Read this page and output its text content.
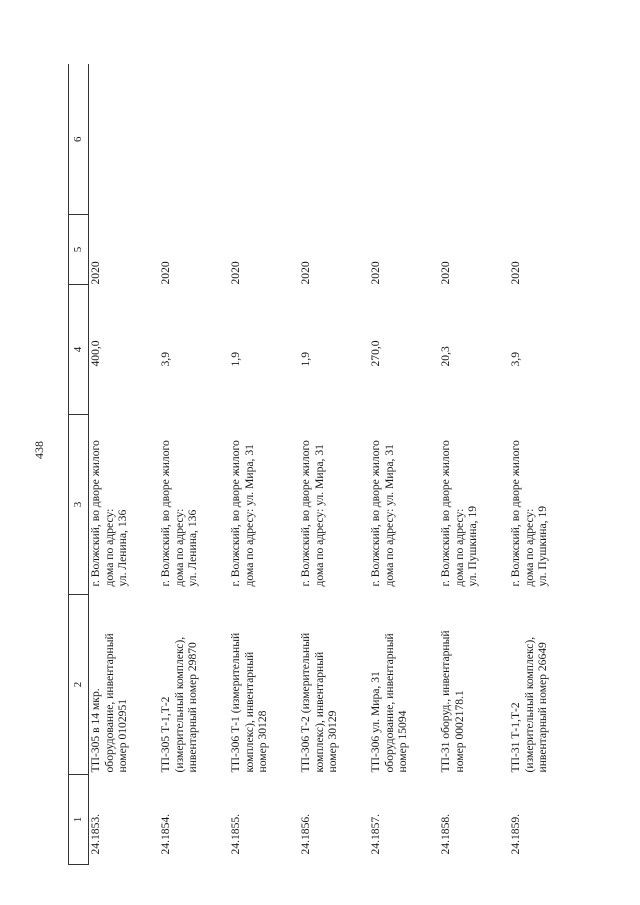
438
1	2	3	4	5	6
24.1853.	ТП-305 в 14 мкр. оборудование, инвентарный номер 0102951	г. Волжский, во дворе жилого дома по адресу: ул. Ленина, 136	400,0	2020	
24.1854.	ТП-305 Т-1,Т-2 (измерительный комплекс), инвентарный номер 29870	г. Волжский, во дворе жилого дома по адресу: ул. Ленина, 136	3,9	2020	
24.1855.	ТП-306 Т-1 (измерительный комплекс), инвентарный номер 30128	г. Волжский, во дворе жилого дома по адресу: ул. Мира, 31	1,9	2020	
24.1856.	ТП-306 Т-2 (измерительный комплекс), инвентарный номер 30129	г. Волжский, во дворе жилого дома по адресу: ул. Мира, 31	1,9	2020	
24.1857.	ТП-306 ул. Мира, 31 оборудование, инвентарный номер 15094	г. Волжский, во дворе жилого дома по адресу: ул. Мира, 31	270,0	2020	
24.1858.	ТП-31 оборуд., инвентарный номер 0002178.1	г. Волжский, во дворе жилого дома по адресу: ул. Пушкина, 19	20,3	2020	
24.1859.	ТП-31 Т-1,Т-2 (измерительный комплекс), инвентарный номер 26649	г. Волжский, во дворе жилого дома по адресу: ул. Пушкина, 19	3,9	2020	
